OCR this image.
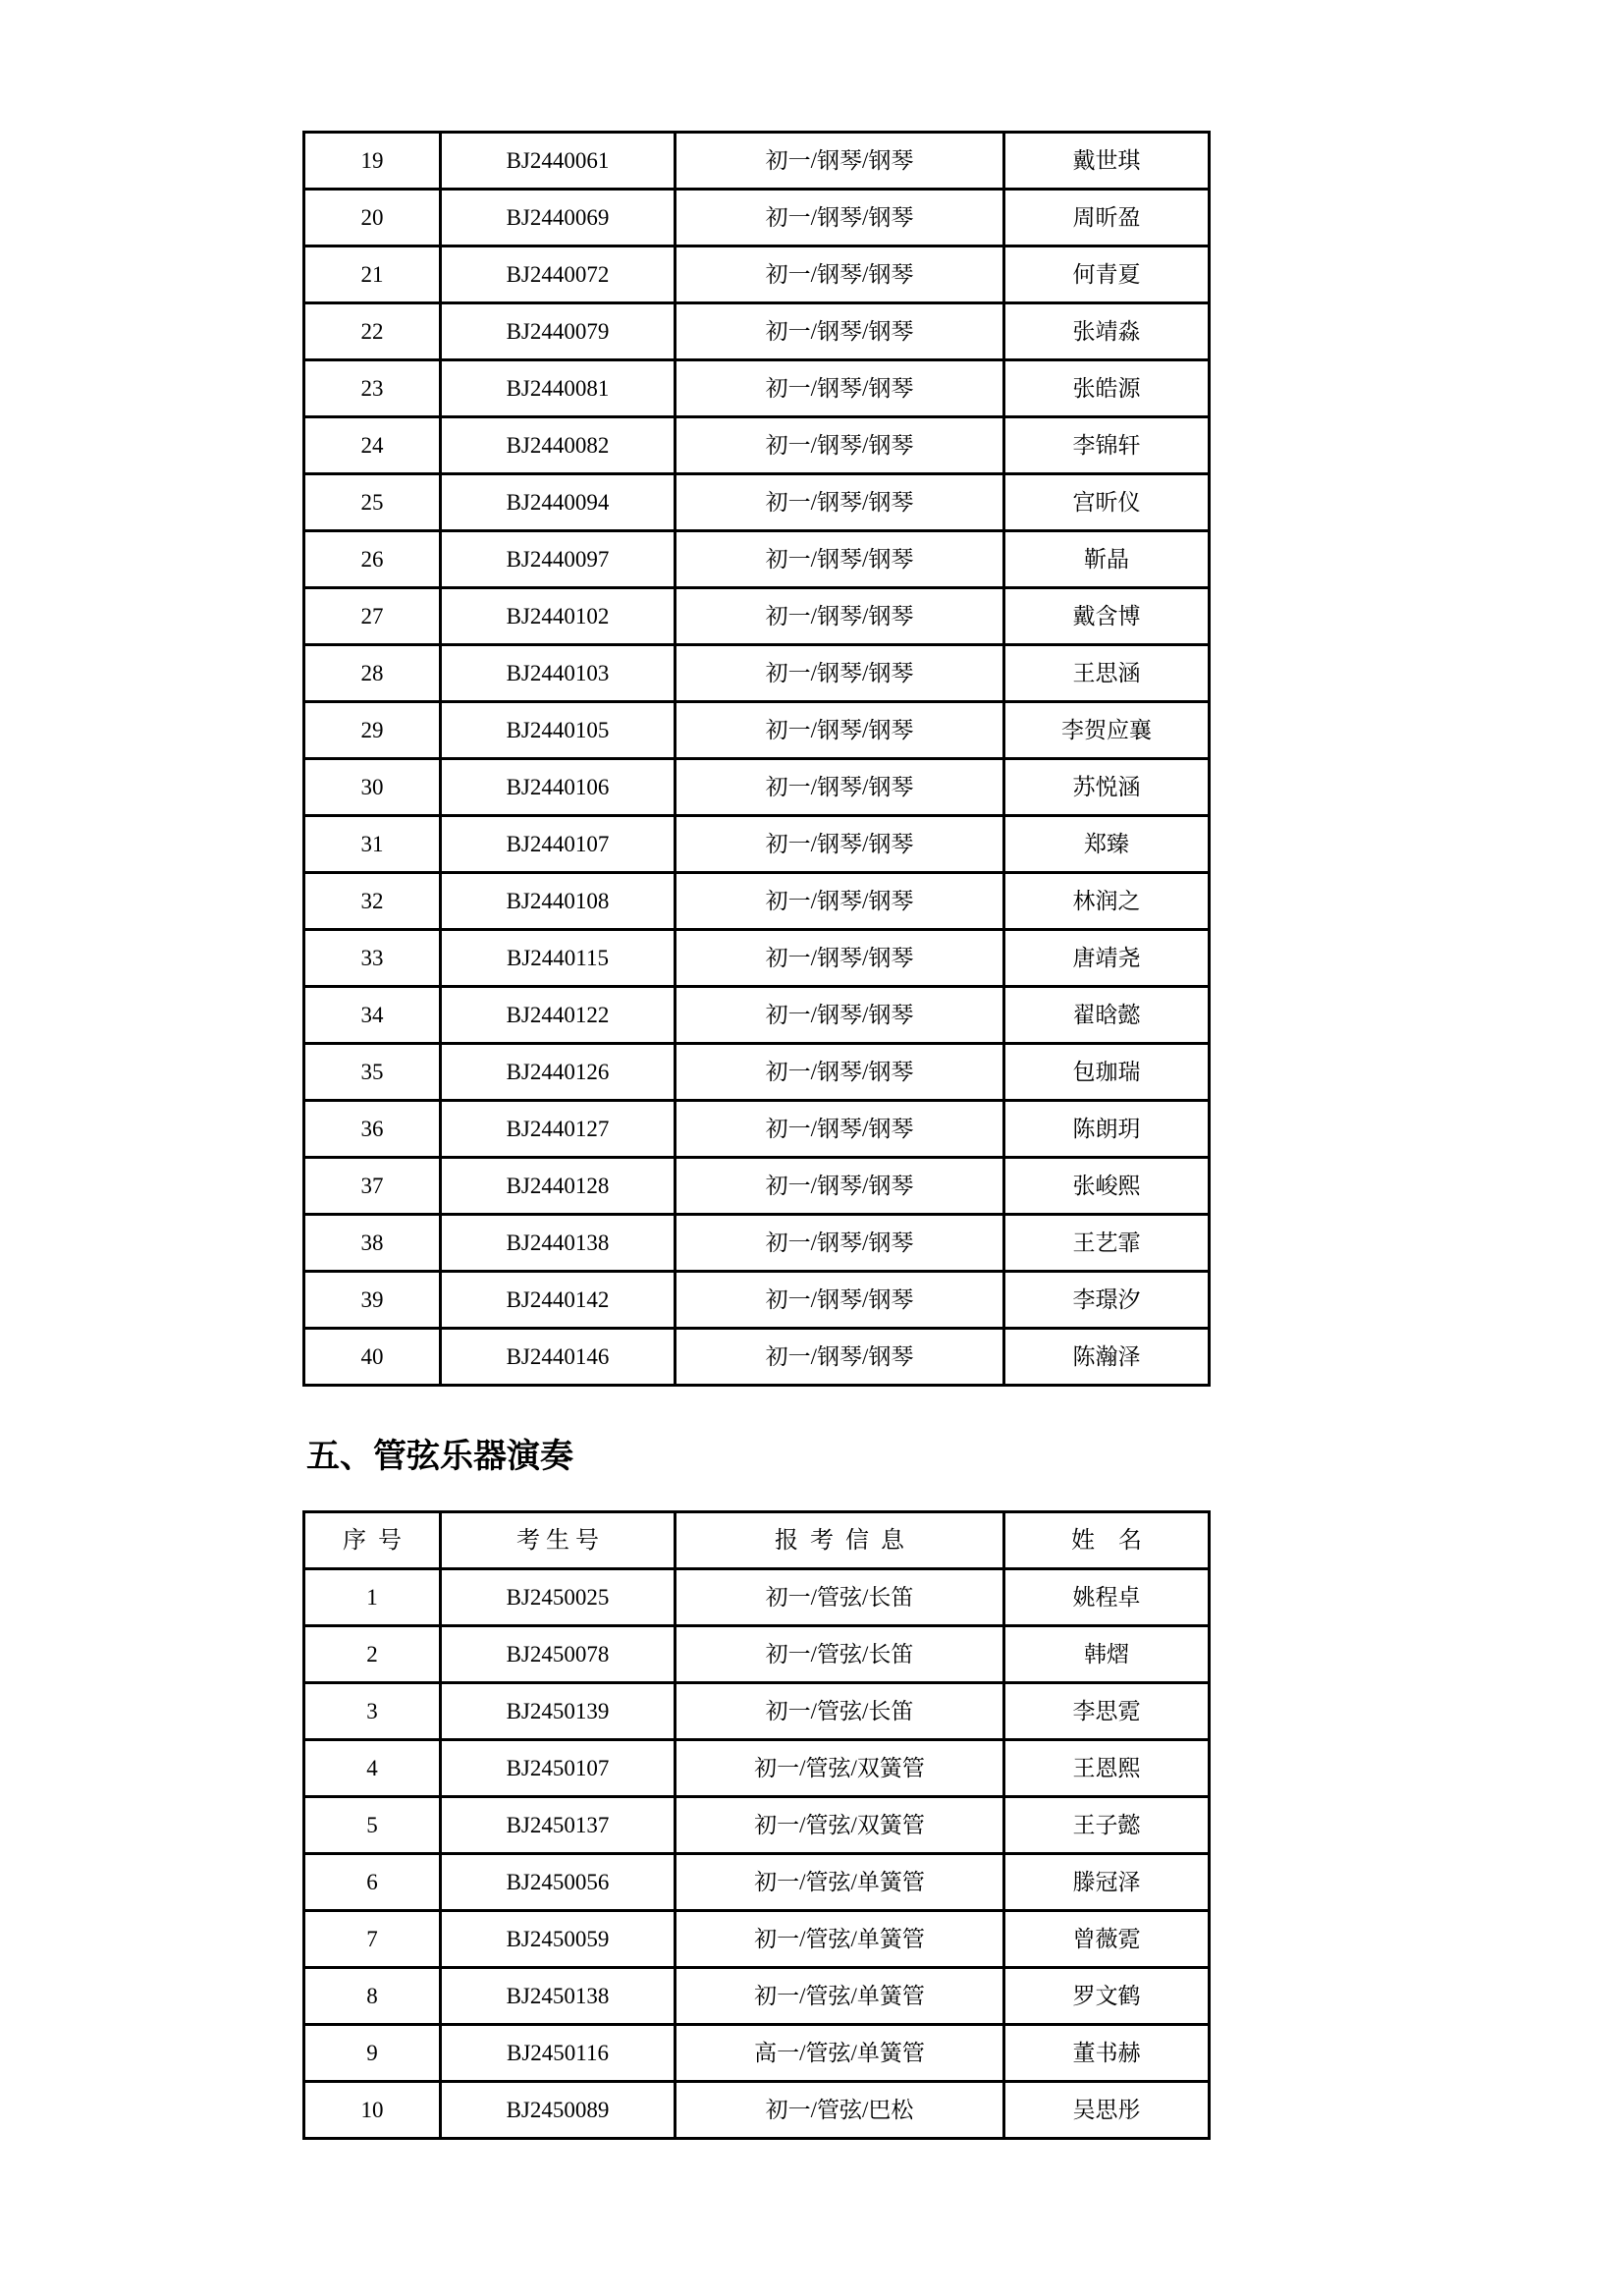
19	BJ2440061	初一/钢琴/钢琴	戴世琪
20	BJ2440069	初一/钢琴/钢琴	周昕盈
21	BJ2440072	初一/钢琴/钢琴	何青夏
22	BJ2440079	初一/钢琴/钢琴	张靖淼
23	BJ2440081	初一/钢琴/钢琴	张皓源
24	BJ2440082	初一/钢琴/钢琴	李锦轩
25	BJ2440094	初一/钢琴/钢琴	宫昕仪
26	BJ2440097	初一/钢琴/钢琴	靳晶
27	BJ2440102	初一/钢琴/钢琴	戴含博
28	BJ2440103	初一/钢琴/钢琴	王思涵
29	BJ2440105	初一/钢琴/钢琴	李贺应襄
30	BJ2440106	初一/钢琴/钢琴	苏悦涵
31	BJ2440107	初一/钢琴/钢琴	郑臻
32	BJ2440108	初一/钢琴/钢琴	林润之
33	BJ2440115	初一/钢琴/钢琴	唐靖尧
34	BJ2440122	初一/钢琴/钢琴	翟晗懿
35	BJ2440126	初一/钢琴/钢琴	包珈瑞
36	BJ2440127	初一/钢琴/钢琴	陈朗玥
37	BJ2440128	初一/钢琴/钢琴	张峻熙
38	BJ2440138	初一/钢琴/钢琴	王艺霏
39	BJ2440142	初一/钢琴/钢琴	李璟汐
40	BJ2440146	初一/钢琴/钢琴	陈瀚泽
五、管弦乐器演奏
序  号	考 生 号	报  考  信  息	姓    名
1	BJ2450025	初一/管弦/长笛	姚程卓
2	BJ2450078	初一/管弦/长笛	韩熠
3	BJ2450139	初一/管弦/长笛	李思霓
4	BJ2450107	初一/管弦/双簧管	王恩熙
5	BJ2450137	初一/管弦/双簧管	王子懿
6	BJ2450056	初一/管弦/单簧管	滕冠泽
7	BJ2450059	初一/管弦/单簧管	曾薇霓
8	BJ2450138	初一/管弦/单簧管	罗文鹤
9	BJ2450116	高一/管弦/单簧管	董书赫
10	BJ2450089	初一/管弦/巴松	吴思彤
